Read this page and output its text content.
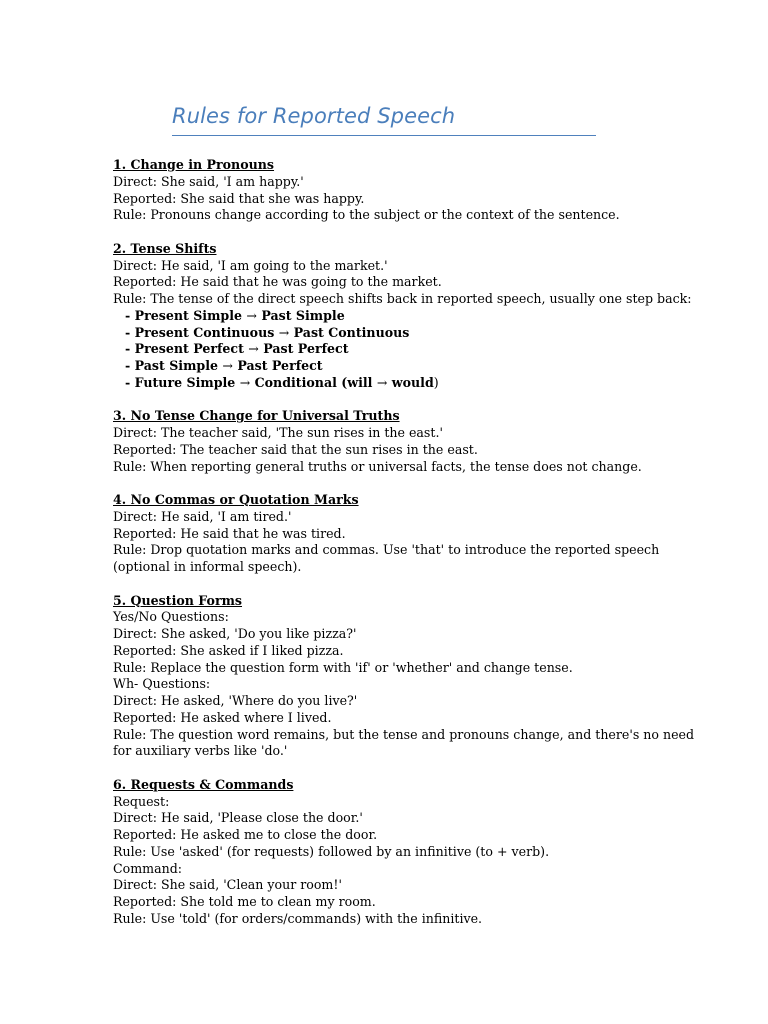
Rules for Reported Speech
1. Change in Pronouns
Direct: She said, 'I am happy.'
Reported: She said that she was happy.
Rule: Pronouns change according to the subject or the context of the sentence.
2. Tense Shifts
Direct: He said, 'I am going to the market.'
Reported: He said that he was going to the market.
Rule: The tense of the direct speech shifts back in reported speech, usually one step back:
- Present Simple → Past Simple
- Present Continuous → Past Continuous
- Present Perfect → Past Perfect
- Past Simple → Past Perfect
- Future Simple → Conditional (will → would)
3. No Tense Change for Universal Truths
Direct: The teacher said, 'The sun rises in the east.'
Reported: The teacher said that the sun rises in the east.
Rule: When reporting general truths or universal facts, the tense does not change.
4. No Commas or Quotation Marks
Direct: He said, 'I am tired.'
Reported: He said that he was tired.
Rule: Drop quotation marks and commas. Use 'that' to introduce the reported speech
(optional in informal speech).
5. Question Forms
Yes/No Questions:
Direct: She asked, 'Do you like pizza?'
Reported: She asked if I liked pizza.
Rule: Replace the question form with 'if' or 'whether' and change tense.
Wh- Questions:
Direct: He asked, 'Where do you live?'
Reported: He asked where I lived.
Rule: The question word remains, but the tense and pronouns change, and there's no need
for auxiliary verbs like 'do.'
6. Requests & Commands
Request:
Direct: He said, 'Please close the door.'
Reported: He asked me to close the door.
Rule: Use 'asked' (for requests) followed by an infinitive (to + verb).
Command:
Direct: She said, 'Clean your room!'
Reported: She told me to clean my room.
Rule: Use 'told' (for orders/commands) with the infinitive.
